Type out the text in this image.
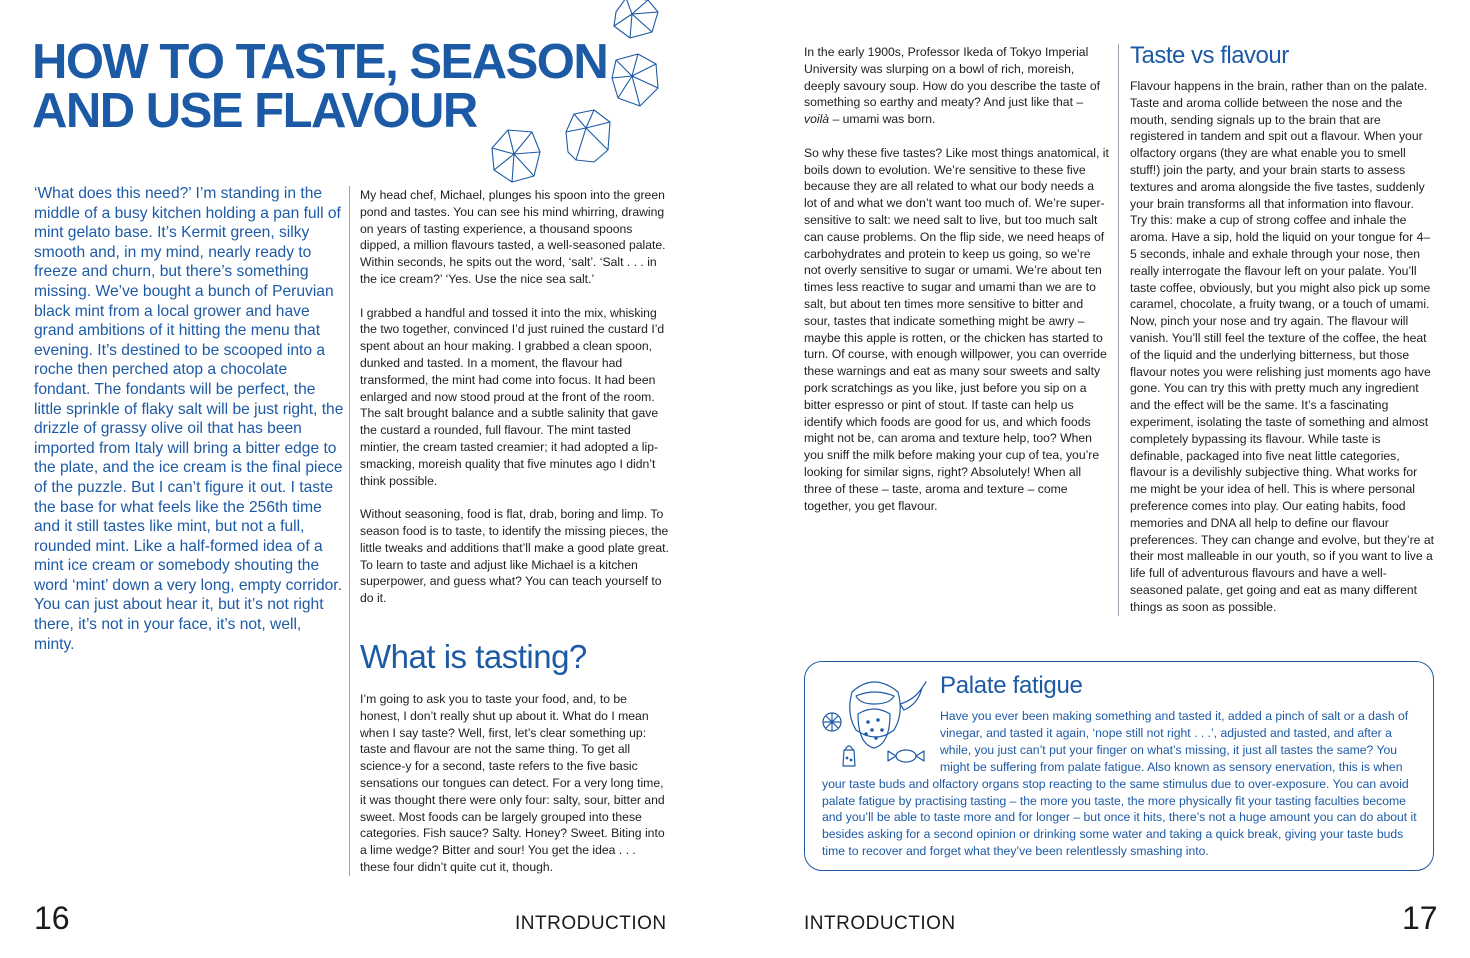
HOW TO TASTE, SEASON
AND USE FLAVOUR

‘What does this need?’ I’m standing in the middle of a busy kitchen holding a pan full of mint gelato base. It’s Kermit green, silky smooth and, in my mind, nearly ready to freeze and churn, but there’s something missing. We’ve bought a bunch of Peruvian black mint from a local grower and have grand ambitions of it hitting the menu that evening. It’s destined to be scooped into a roche then perched atop a chocolate fondant. The fondants will be perfect, the little sprinkle of flaky salt will be just right, the drizzle of grassy olive oil that has been imported from Italy will bring a bitter edge to the plate, and the ice cream is the final piece of the puzzle. But I can’t figure it out. I taste the base for what feels like the 256th time and it still tastes like mint, but not a full, rounded mint. Like a half-formed idea of a mint ice cream or somebody shouting the word ‘mint’ down a very long, empty corridor. You can just about hear it, but it’s not right there, it’s not in your face, it’s not, well, minty.

My head chef, Michael, plunges his spoon into the green pond and tastes. You can see his mind whirring, drawing on years of tasting experience, a thousand spoons dipped, a million flavours tasted, a well-seasoned palate. Within seconds, he spits out the word, ‘salt’. ‘Salt . . . in the ice cream?’ ‘Yes. Use the nice sea salt.’

I grabbed a handful and tossed it into the mix, whisking the two together, convinced I’d just ruined the custard I’d spent about an hour making. I grabbed a clean spoon, dunked and tasted. In a moment, the flavour had transformed, the mint had come into focus. It had been enlarged and now stood proud at the front of the room. The salt brought balance and a subtle salinity that gave the custard a rounded, full flavour. The mint tasted mintier, the cream tasted creamier; it had adopted a lip-smacking, moreish quality that five minutes ago I didn’t think possible.

Without seasoning, food is flat, drab, boring and limp. To season food is to taste, to identify the missing pieces, the little tweaks and additions that’ll make a good plate great. To learn to taste and adjust like Michael is a kitchen superpower, and guess what? You can teach yourself to do it.

What is tasting?

I’m going to ask you to taste your food, and, to be honest, I don’t really shut up about it. What do I mean when I say taste? Well, first, let’s clear something up: taste and flavour are not the same thing. To get all science-y for a second, taste refers to the five basic sensations our tongues can detect. For a very long time, it was thought there were only four: salty, sour, bitter and sweet. Most foods can be largely grouped into these categories. Fish sauce? Salty. Honey? Sweet. Biting into a lime wedge? Bitter and sour! You get the idea . . . these four didn’t quite cut it, though.

16	INTRODUCTION

In the early 1900s, Professor Ikeda of Tokyo Imperial University was slurping on a bowl of rich, moreish, deeply savoury soup. How do you describe the taste of something so earthy and meaty? And just like that – voilà – umami was born.

So why these five tastes? Like most things anatomical, it boils down to evolution. We’re sensitive to these five because they are all related to what our body needs a lot of and what we don’t want too much of. We’re super-sensitive to salt: we need salt to live, but too much salt can cause problems. On the flip side, we need heaps of carbohydrates and protein to keep us going, so we’re not overly sensitive to sugar or umami. We’re about ten times less reactive to sugar and umami than we are to salt, but about ten times more sensitive to bitter and sour, tastes that indicate something might be awry – maybe this apple is rotten, or the chicken has started to turn. Of course, with enough willpower, you can override these warnings and eat as many sour sweets and salty pork scratchings as you like, just before you sip on a bitter espresso or pint of stout. If taste can help us identify which foods are good for us, and which foods might not be, can aroma and texture help, too? When you sniff the milk before making your cup of tea, you’re looking for similar signs, right? Absolutely! When all three of these – taste, aroma and texture – come together, you get flavour.

Taste vs flavour

Flavour happens in the brain, rather than on the palate. Taste and aroma collide between the nose and the mouth, sending signals up to the brain that are registered in tandem and spit out a flavour. When your olfactory organs (they are what enable you to smell stuff!) join the party, and your brain starts to assess textures and aroma alongside the five tastes, suddenly your brain transforms all that information into flavour. Try this: make a cup of strong coffee and inhale the aroma. Have a sip, hold the liquid on your tongue for 4–5 seconds, inhale and exhale through your nose, then really interrogate the flavour left on your palate. You’ll taste coffee, obviously, but you might also pick up some caramel, chocolate, a fruity twang, or a touch of umami. Now, pinch your nose and try again. The flavour will vanish. You’ll still feel the texture of the coffee, the heat of the liquid and the underlying bitterness, but those flavour notes you were relishing just moments ago have gone. You can try this with pretty much any ingredient and the effect will be the same. It’s a fascinating experiment, isolating the taste of something and almost completely bypassing its flavour. While taste is definable, packaged into five neat little categories, flavour is a devilishly subjective thing. What works for me might be your idea of hell. This is where personal preference comes into play. Our eating habits, food memories and DNA all help to define our flavour preferences. They can change and evolve, but they’re at their most malleable in our youth, so if you want to live a life full of adventurous flavours and have a well-seasoned palate, get going and eat as many different things as soon as possible.

Palate fatigue

Have you ever been making something and tasted it, added a pinch of salt or a dash of vinegar, and tasted it again, ‘nope still not right . . .’, adjusted and tasted, and after a while, you just can’t put your finger on what’s missing, it just all tastes the same? You might be suffering from palate fatigue. Also known as sensory enervation, this is when your taste buds and olfactory organs stop reacting to the same stimulus due to over-exposure. You can avoid palate fatigue by practising tasting – the more you taste, the more physically fit your tasting faculties become and you’ll be able to taste more and for longer – but once it hits, there’s not a huge amount you can do about it besides asking for a second opinion or drinking some water and taking a quick break, giving your taste buds time to recover and forget what they’ve been relentlessly smashing into.

INTRODUCTION	17
